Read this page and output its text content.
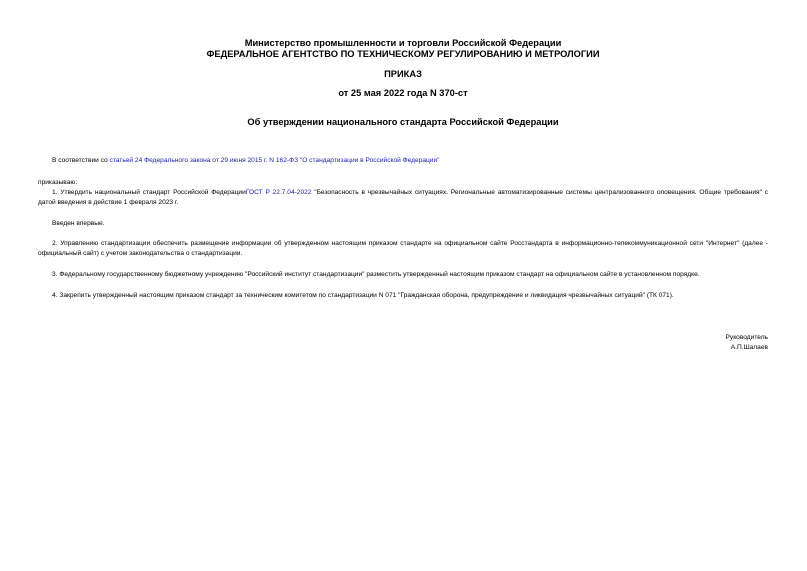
Министерство промышленности и торговли Российской Федерации
ФЕДЕРАЛЬНОЕ АГЕНТСТВО ПО ТЕХНИЧЕСКОМУ РЕГУЛИРОВАНИЮ И МЕТРОЛОГИИ
ПРИКАЗ
от 25 мая 2022 года N 370-ст
Об утверждении национального стандарта Российской Федерации
В соответствии со статьей 24 Федерального закона от 29 июня 2015 г. N 162-ФЗ "О стандартизации в Российской Федерации"
приказываю:
1. Утвердить национальный стандарт Российской ФедерацииГОСТ Р 22.7.04-2022 "Безопасность в чрезвычайных ситуациях. Региональные автоматизированные системы централизованного оповещения. Общие требования" с датой введения в действие 1 февраля 2023 г.
Введен впервые.
2. Управлению стандартизации обеспечить размещение информации об утвержденном настоящим приказом стандарте на официальном сайте Росстандарта в информационно-телекоммуникационной сети "Интернет" (далее - официальный сайт) с учетом законодательства о стандартизации.
3. Федеральному государственному бюджетному учреждению "Российский институт стандартизации" разместить утвержденный настоящим приказом стандарт на официальном сайте в установленном порядке.
4. Закрепить утвержденный настоящим приказом стандарт за техническим комитетом по стандартизации N 071 "Гражданская оборона, предупреждение и ликвидация чрезвычайных ситуаций" (ТК 071).
Руководитель
А.П.Шалаев
